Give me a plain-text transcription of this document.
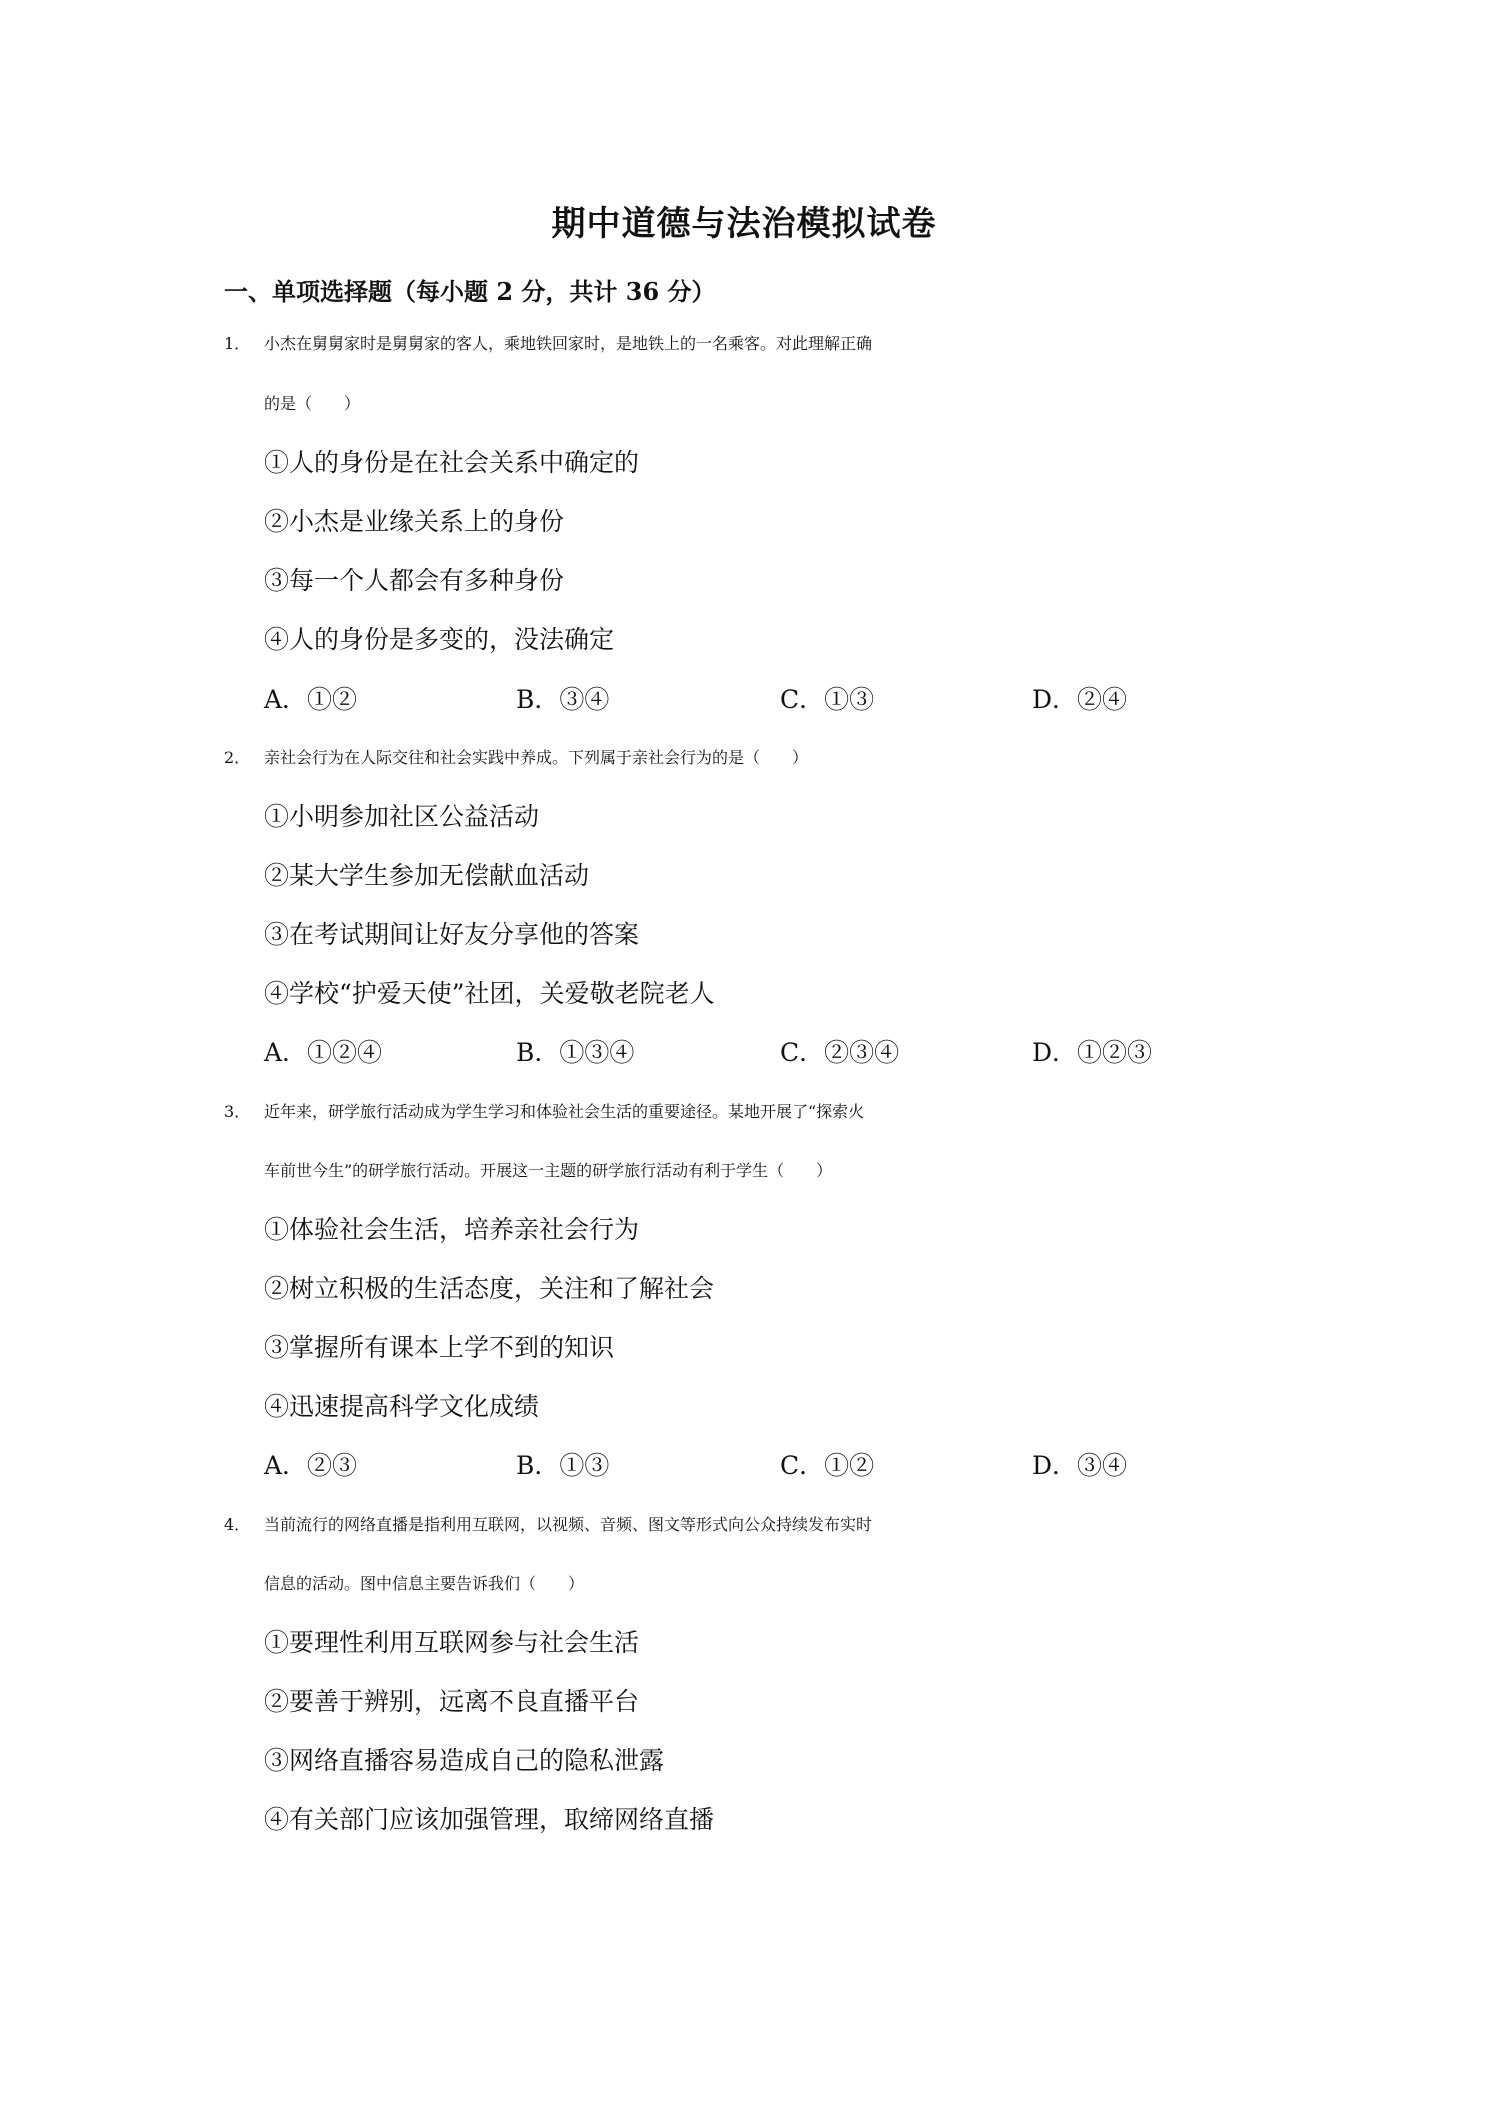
期中道德与法治模拟试卷
一、单项选择题（每小题 2 分，共计 36 分）
1． 小杰在舅舅家时是舅舅家的客人，乘地铁回家时，是地铁上的一名乘客。对此理解正确
的是（　　）
①人的身份是在社会关系中确定的
②小杰是业缘关系上的身份
③每一个人都会有多种身份
④人的身份是多变的，没法确定
A．①②	B．③④	C．①③	D．②④
2． 亲社会行为在人际交往和社会实践中养成。下列属于亲社会行为的是（　　）
①小明参加社区公益活动
②某大学生参加无偿献血活动
③在考试期间让好友分享他的答案
④学校“护爱天使”社团，关爱敬老院老人
A．①②④	B．①③④	C．②③④	D．①②③
3． 近年来，研学旅行活动成为学生学习和体验社会生活的重要途径。某地开展了“探索火
车前世今生”的研学旅行活动。开展这一主题的研学旅行活动有利于学生（　　）
①体验社会生活，培养亲社会行为
②树立积极的生活态度，关注和了解社会
③掌握所有课本上学不到的知识
④迅速提高科学文化成绩
A．②③	B．①③	C．①②	D．③④
4． 当前流行的网络直播是指利用互联网，以视频、音频、图文等形式向公众持续发布实时
信息的活动。图中信息主要告诉我们（　　）
①要理性利用互联网参与社会生活
②要善于辨别，远离不良直播平台
③网络直播容易造成自己的隐私泄露
④有关部门应该加强管理，取缔网络直播
